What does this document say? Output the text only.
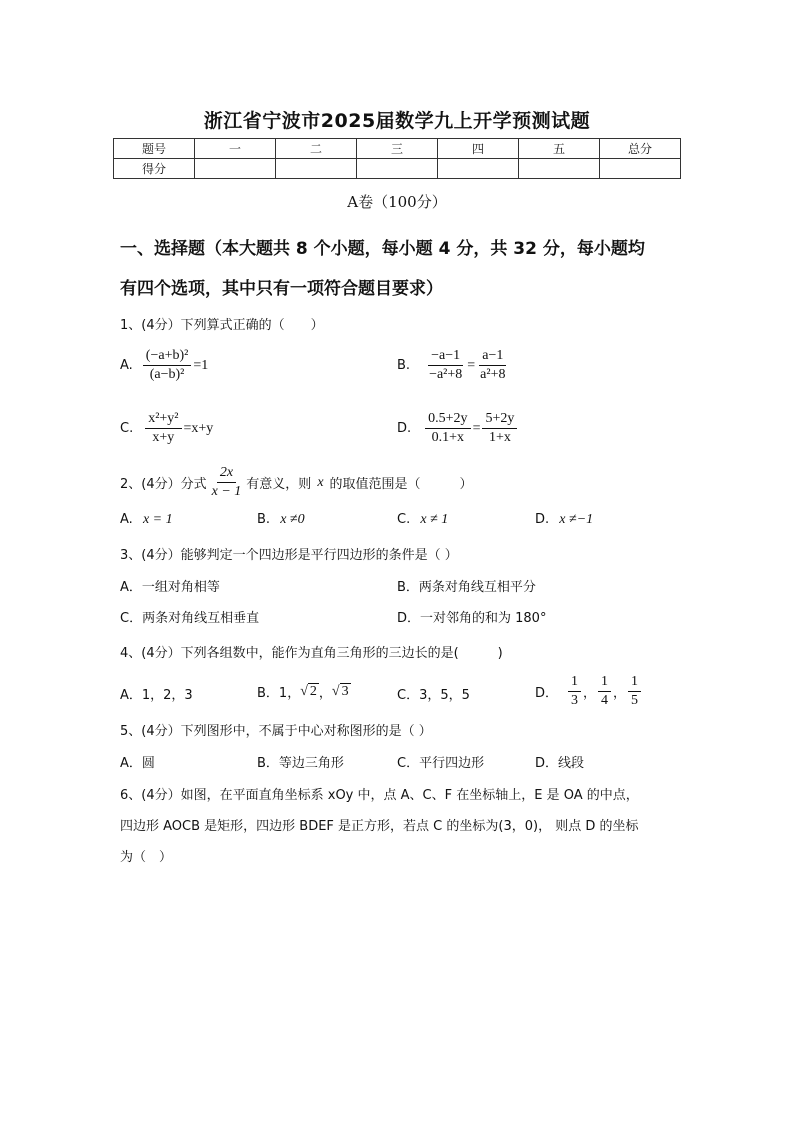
浙江省宁波市2025届数学九上开学预测试题
题号	一	二	三	四	五	总分
得分						
A卷（100分）
一、选择题（本大题共 8 个小题，每小题 4 分，共 32 分，每小题均
有四个选项，其中只有一项符合题目要求）
1、(4分）下列算式正确的（　　）
A. $\frac{\text{(−a+b)²}}{\text{(a−b)²}} =1$	B. $\frac{-a-1}{\text{−a²+8}} = \frac{a-1}{\text{a²+8}}$
C. $\frac{\text{x²+y²}}{x+y} =x+y$	D. $\frac{0.5+2y}{0.1+x} = \frac{5+2y}{1+x}$
2、(4分）分式 $\frac{2x}{x - 1}$ 有意义，则 x 的取值范围是（　　　）
A. x = 1	B. x ≠0	C. x ≠ 1	D. x ≠−1
3、(4分）能够判定一个四边形是平行四边形的条件是（ ）
A．一组对角相等	B．两条对角线互相平分
C．两条对角线互相垂直	D．一对邻角的和为 180°
4、(4分）下列各组数中，能作为直角三角形的三边长的是(　　　)
A．1，2，3	B．1， √ 2 ， √ 3	C．3，5，5	D． $\frac{1}{3}$ ， $\frac{1}{4}$ ， $\frac{1}{5}$
5、(4分）下列图形中，不属于中心对称图形的是（ ）
A．圆	B．等边三角形	C．平行四边形	D．线段
6、(4分）如图，在平面直角坐标系 xOy 中，点 A、C、F 在坐标轴上，E 是 OA 的中点，
四边形 AOCB 是矩形，四边形 BDEF 是正方形，若点 C 的坐标为(3，0)， 则点 D 的坐标
为（　）
